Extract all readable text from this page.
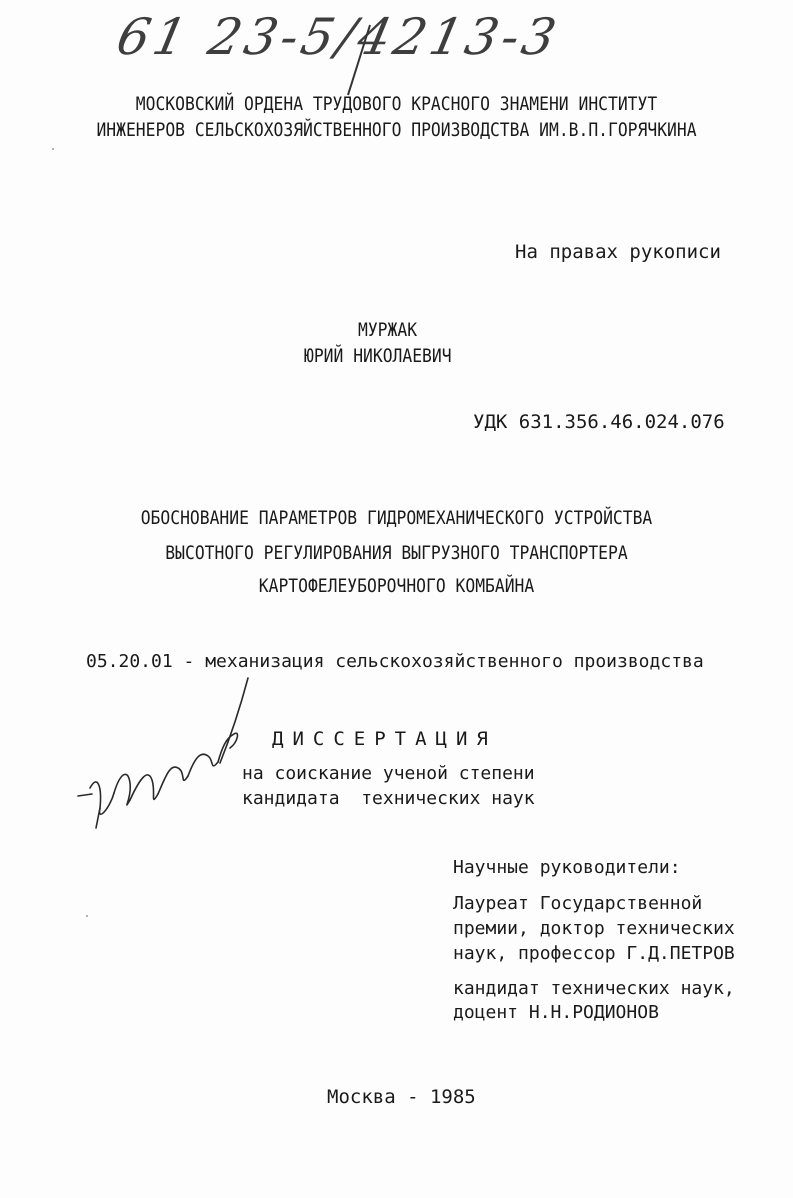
61 23-5/4213-3
МОСКОВСКИЙ ОРДЕНА ТРУДОВОГО КРАСНОГО ЗНАМЕНИ ИНСТИТУТ
ИНЖЕНЕРОВ СЕЛЬСКОХОЗЯЙСТВЕННОГО ПРОИЗВОДСТВА ИМ.В.П.ГОРЯЧКИНА
На правах рукописи
МУРЖАК
ЮРИЙ НИКОЛАЕВИЧ
УДК 631.356.46.024.076
ОБОСНОВАНИЕ ПАРАМЕТРОВ ГИДРОМЕХАНИЧЕСКОГО УСТРОЙСТВА
ВЫСОТНОГО РЕГУЛИРОВАНИЯ ВЫГРУЗНОГО ТРАНСПОРТЕРА
КАРТОФЕЛЕУБОРОЧНОГО КОМБАЙНА
05.20.01 - механизация сельскохозяйственного производства
ДИССЕРТАЦИЯ
на соискание ученой степени
кандидата  технических наук
Научные руководители:
Лауреат Государственной
премии, доктор технических
наук, профессор Г.Д.ПЕТРОВ
кандидат технических наук,
доцент Н.Н.РОДИОНОВ
Москва - 1985
